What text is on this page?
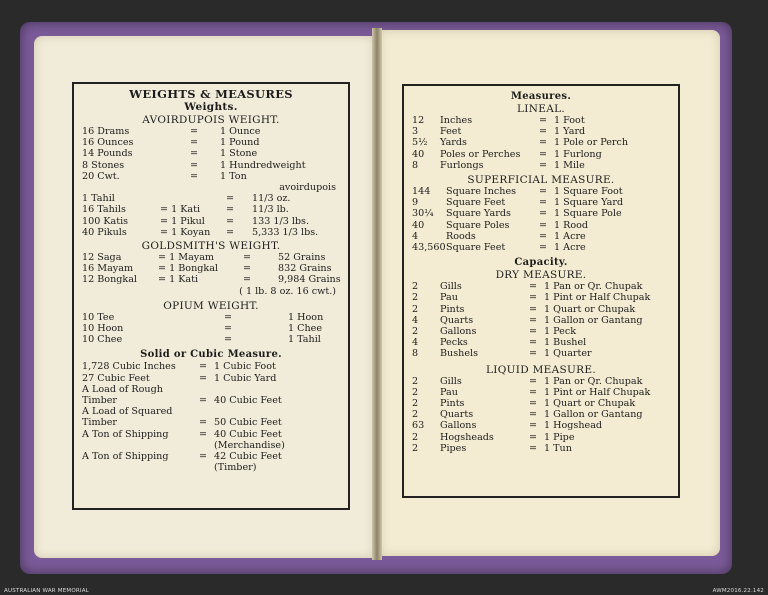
WEIGHTS & MEASURES
Weights.
AVOIRDUPOIS WEIGHT.
16 Drams	=	1 Ounce
16 Ounces	=	1 Pound
14 Pounds	=	1 Stone
8 Stones	=	1 Hundredweight
20 Cwt.	=	1 Ton
avoirdupois
1 Tahil	=	11/3 oz.
16 Tahils	= 1 Kati	=	11/3 lb.
100 Katis	= 1 Pikul	=	133 1/3 lbs.
40 Pikuls	= 1 Koyan	=	5,333 1/3 lbs.
GOLDSMITH'S WEIGHT.
12 Saga	= 1 Mayam	=	52 Grains
16 Mayam	= 1 Bongkal	=	832 Grains
12 Bongkal	= 1 Kati	=	9,984 Grains
( 1 lb. 8 oz. 16 cwt.)
OPIUM WEIGHT.
10 Tee	=	1 Hoon
10 Hoon	=	1 Chee
10 Chee	=	1 Tahil
Solid or Cubic Measure.
1,728 Cubic Inches	= 1 Cubic Foot
27 Cubic Feet	= 1 Cubic Yard
A Load of Rough
Timber	= 40 Cubic Feet
A Load of Squared
Timber	= 50 Cubic Feet
A Ton of Shipping	= 40 Cubic Feet
(Merchandise)
A Ton of Shipping	= 42 Cubic Feet
(Timber)
Measures.
LINEAL.
12	Inches	= 1 Foot
3	Feet	= 1 Yard
5½	Yards	= 1 Pole or Perch
40	Poles or Perches	= 1 Furlong
8	Furlongs	= 1 Mile
SUPERFICIAL MEASURE.
144	Square Inches	= 1 Square Foot
9	Square Feet	= 1 Square Yard
30¼	Square Yards	= 1 Square Pole
40	Square Poles	= 1 Rood
4	Roods	= 1 Acre
43,560 Square Feet	= 1 Acre
Capacity.
DRY MEASURE.
2	Gills	= 1 Pan or Qr. Chupak
2	Pau	= 1 Pint or Half Chupak
2	Pints	= 1 Quart or Chupak
4	Quarts	= 1 Gallon or Gantang
2	Gallons	= 1 Peck
4	Pecks	= 1 Bushel
8	Bushels	= 1 Quarter
LIQUID MEASURE.
2	Gills	= 1 Pan or Qr. Chupak
2	Pau	= 1 Pint or Half Chupak
2	Pints	= 1 Quart or Chupak
2	Quarts	= 1 Gallon or Gantang
63	Gallons	= 1 Hogshead
2	Hogsheads	= 1 Pipe
2	Pipes	= 1 Tun
AUSTRALIAN WAR MEMORIAL	AWM2016.22.142
